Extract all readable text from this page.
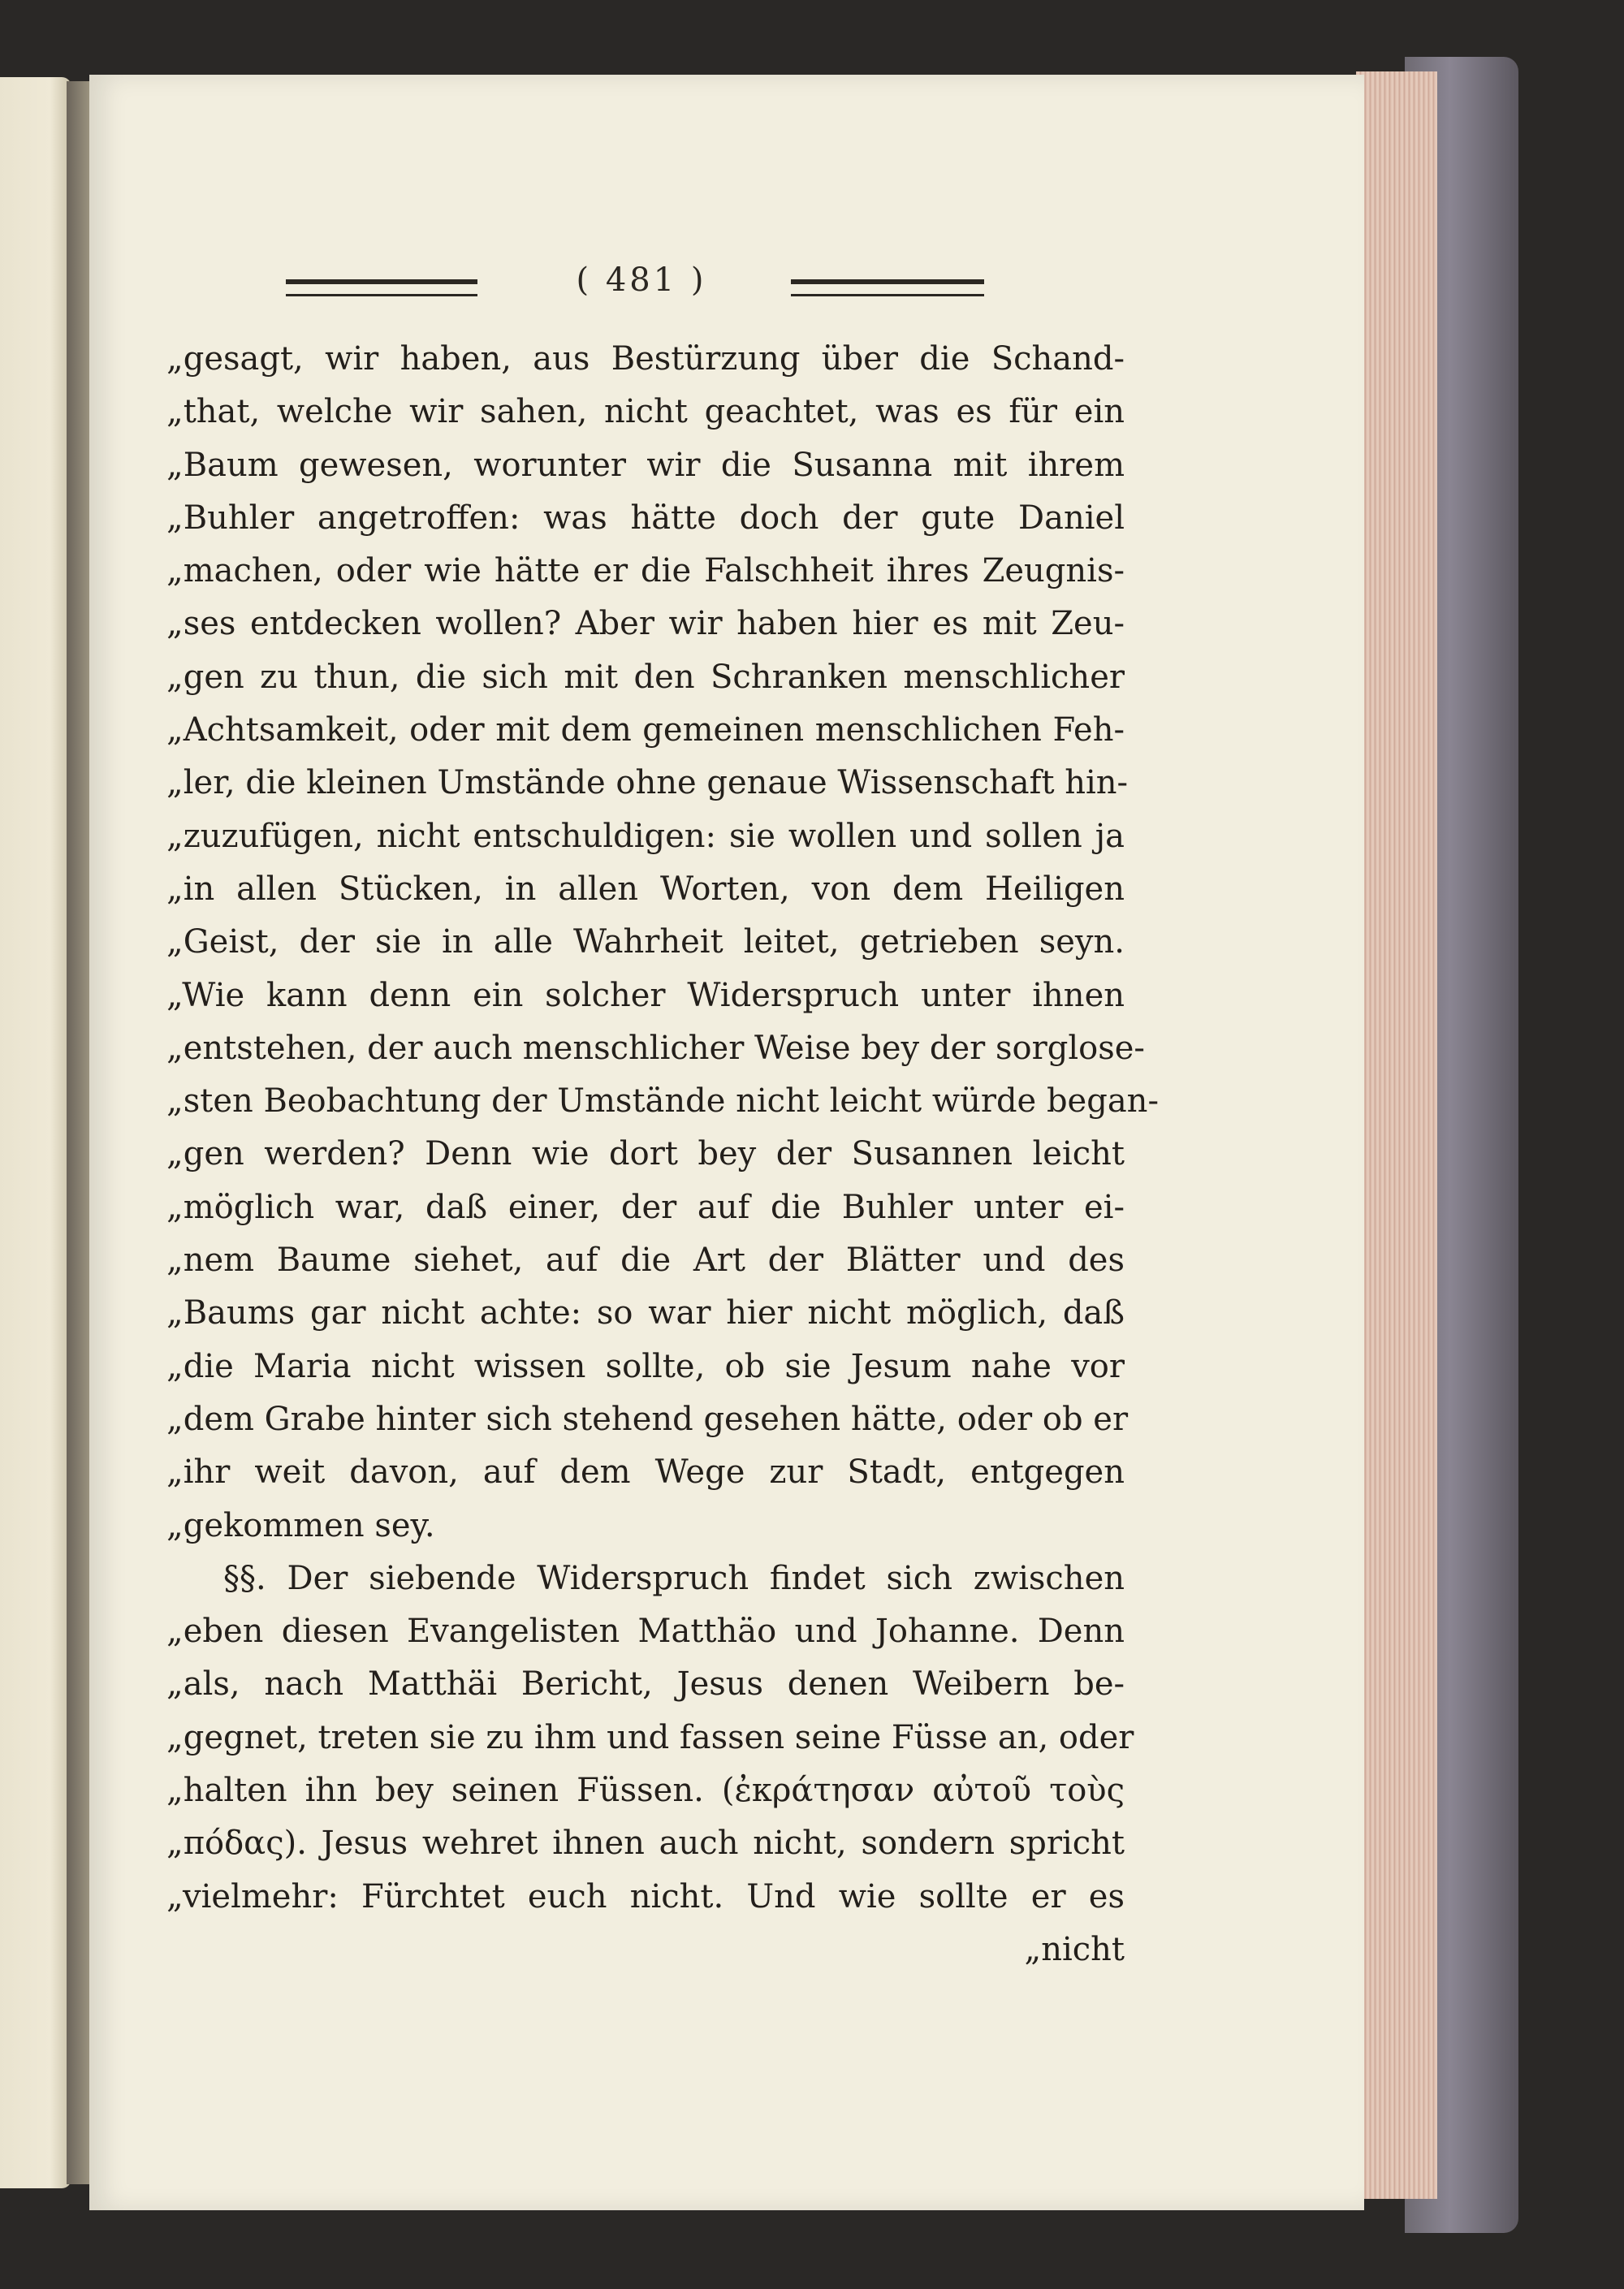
( 481 )
„gesagt, wir haben, aus Bestürzung über die Schand-
„that, welche wir sahen, nicht geachtet, was es für ein
„Baum gewesen, worunter wir die Susanna mit ihrem
„Buhler angetroffen: was hätte doch der gute Daniel
„machen, oder wie hätte er die Falschheit ihres Zeugnis-
„ses entdecken wollen? Aber wir haben hier es mit Zeu-
„gen zu thun, die sich mit den Schranken menschlicher
„Achtsamkeit, oder mit dem gemeinen menschlichen Feh-
„ler, die kleinen Umstände ohne genaue Wissenschaft hin-
„zuzufügen, nicht entschuldigen: sie wollen und sollen ja
„in allen Stücken, in allen Worten, von dem Heiligen
„Geist, der sie in alle Wahrheit leitet, getrieben seyn.
„Wie kann denn ein solcher Widerspruch unter ihnen
„entstehen, der auch menschlicher Weise bey der sorglose-
„sten Beobachtung der Umstände nicht leicht würde began-
„gen werden? Denn wie dort bey der Susannen leicht
„möglich war, daß einer, der auf die Buhler unter ei-
„nem Baume siehet, auf die Art der Blätter und des
„Baums gar nicht achte: so war hier nicht möglich, daß
„die Maria nicht wissen sollte, ob sie Jesum nahe vor
„dem Grabe hinter sich stehend gesehen hätte, oder ob er
„ihr weit davon, auf dem Wege zur Stadt, entgegen
„gekommen sey.
§§. Der siebende Widerspruch findet sich zwischen
„eben diesen Evangelisten Matthäo und Johanne. Denn
„als, nach Matthäi Bericht, Jesus denen Weibern be-
„gegnet, treten sie zu ihm und fassen seine Füsse an, oder
„halten ihn bey seinen Füssen. (ἐκράτησαν αὐτοῦ τοὺς
„πόδας). Jesus wehret ihnen auch nicht, sondern spricht
„vielmehr: Fürchtet euch nicht. Und wie sollte er es
„nicht
